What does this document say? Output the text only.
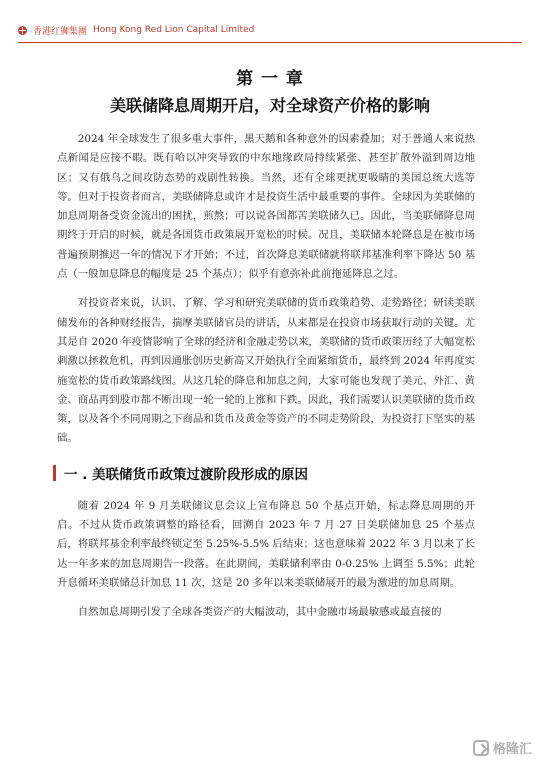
香港红狮集團 Hong Kong Red Lion Capital Limited
第 一 章
美联储降息周期开启，对全球资产价格的影响

2024 年全球发生了很多重大事件，黑天鹅和各种意外的因素叠加；对于普通人来说热点新闻是应接不暇。既有哈以冲突导致的中东地缘政局持续紧张、甚至扩散外溢到周边地区；又有俄乌之间攻防态势的戏剧性转换。当然，还有全球更扰更吸睛的美国总统大选等等。但对于投资者而言，美联储降息或许才是投资生活中最重要的事件。全球因为美联储的加息周期备受资金流出的困扰，煎熬；可以说各国都苦美联储久已。因此，当美联储降息周期终于开启的时候，就是各国货币政策展开宽松的时候。况且，美联储本轮降息是在被市场普遍预期推迟一年的情况下才开始；不过，首次降息美联储就将联邦基准利率下降达 50 基点（一般加息降息的幅度是 25 个基点）；似乎有意弥补此前拖延降息之过。

对投资者来说，认识、了解、学习和研究美联储的货币政策趋势、走势路径；研读美联储发布的各种财经报告，揣摩美联储官员的讲话，从来都是在投资市场获取行动的关键。尤其是自 2020 年疫情影响了全球的经济和金融走势以来，美联储的货币政策历经了大幅宽松刺激以拯救危机，再到因通胀创历史新高又开始执行全面紧缩货币，最终到 2024 年再度实施宽松的货币政策路线图。从这几轮的降息和加息之间，大家可能也发现了美元、外汇、黄金、商品再到股市都不断出现一轮一轮的上涨和下跌。因此，我们需要认识美联储的货币政策，以及各个不同周期之下商品和货币及黄金等资产的不同走势阶段，为投资打下坚实的基础。

一 . 美联储货币政策过渡阶段形成的原因

随着 2024 年 9 月美联储议息会议上宣布降息 50 个基点开始，标志降息周期的开启。不过从货币政策调整的路径看，回溯自 2023 年 7 月 27 日美联储加息 25 个基点后，将联邦基金利率最终锁定至 5.25%-5.5% 后结束；这也意味着 2022 年 3 月以来了长达一年多来的加息周期告一段落。在此期间，美联储利率由 0-0.25% 上调至 5.5%；此轮升息循环美联储总计加息 11 次，这是 20 多年以来美联储展开的最为激进的加息周期。

自然加息周期引发了全球各类资产的大幅波动，其中金融市场最敏感或最直接的

格隆汇
